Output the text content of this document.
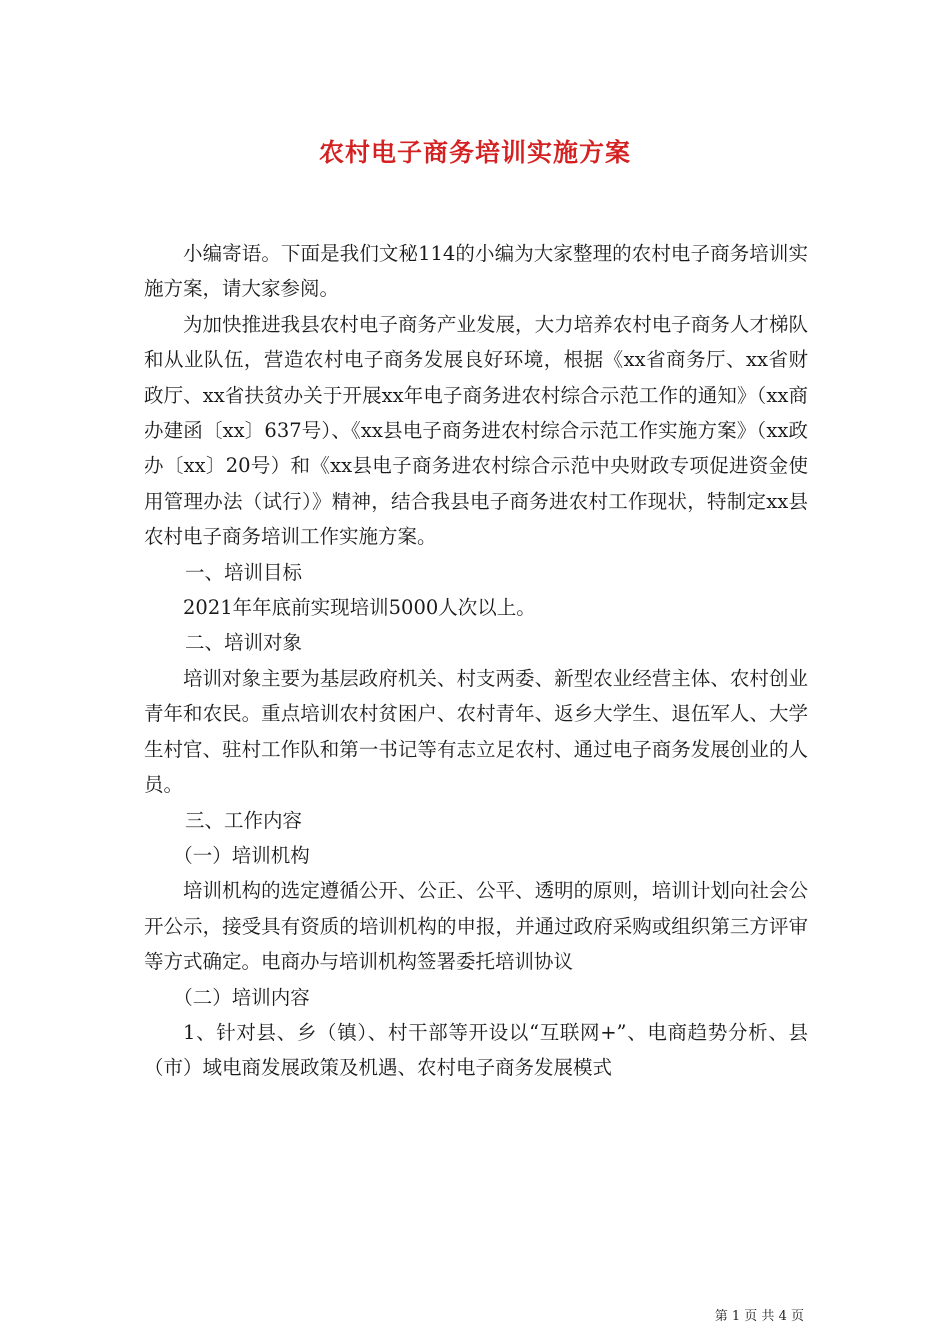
农村电子商务培训实施方案

小编寄语。下面是我们文秘114的小编为大家整理的农村电子商务培训实施方案，请大家参阅。

为加快推进我县农村电子商务产业发展，大力培养农村电子商务人才梯队和从业队伍，营造农村电子商务发展良好环境，根据《xx省商务厅、xx省财政厅、xx省扶贫办关于开展xx年电子商务进农村综合示范工作的通知》（xx商办建函〔xx〕637号）、《xx县电子商务进农村综合示范工作实施方案》（xx政办〔xx〕20号）和《xx县电子商务进农村综合示范中央财政专项促进资金使用管理办法（试行）》精神，结合我县电子商务进农村工作现状，特制定xx县农村电子商务培训工作实施方案。

一、培训目标

2021年年底前实现培训5000人次以上。

二、培训对象

培训对象主要为基层政府机关、村支两委、新型农业经营主体、农村创业青年和农民。重点培训农村贫困户、农村青年、返乡大学生、退伍军人、大学生村官、驻村工作队和第一书记等有志立足农村、通过电子商务发展创业的人员。

三、工作内容

（一）培训机构

培训机构的选定遵循公开、公正、公平、透明的原则，培训计划向社会公开公示，接受具有资质的培训机构的申报，并通过政府采购或组织第三方评审等方式确定。电商办与培训机构签署委托培训协议

（二）培训内容

1、针对县、乡（镇）、村干部等开设以“互联网+”、电商趋势分析、县（市）域电商发展政策及机遇、农村电子商务发展模式

第 1 页 共 4 页
